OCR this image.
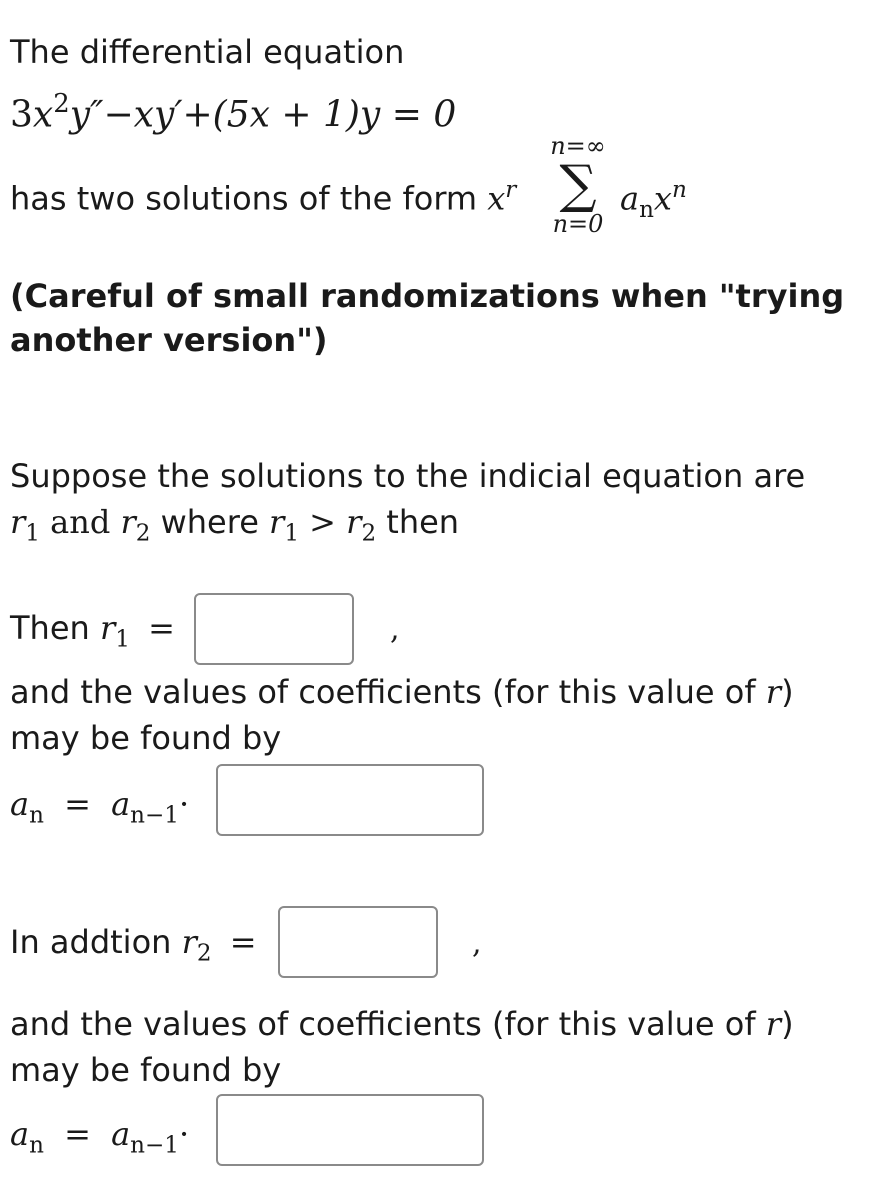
The differential equation
$3x^2y''-xy'+(5x + 1)y = 0$
has two solutions of the form $x^r$
n=∞
∑
n=0
$a_nx^n$
(Careful of small randomizations when "trying
another version")
Suppose the solutions to the indicial equation are
$r_1$ and $r_2$ where $r_1 > r_2$ then
Then $r_1$ =	,
and the values of coefficients (for this value of r)
may be found by
$a_n = a_{n-1}\cdot$
In addtion $r_2$ =	,
and the values of coefficients (for this value of r)
may be found by
$a_n = a_{n-1}\cdot$
